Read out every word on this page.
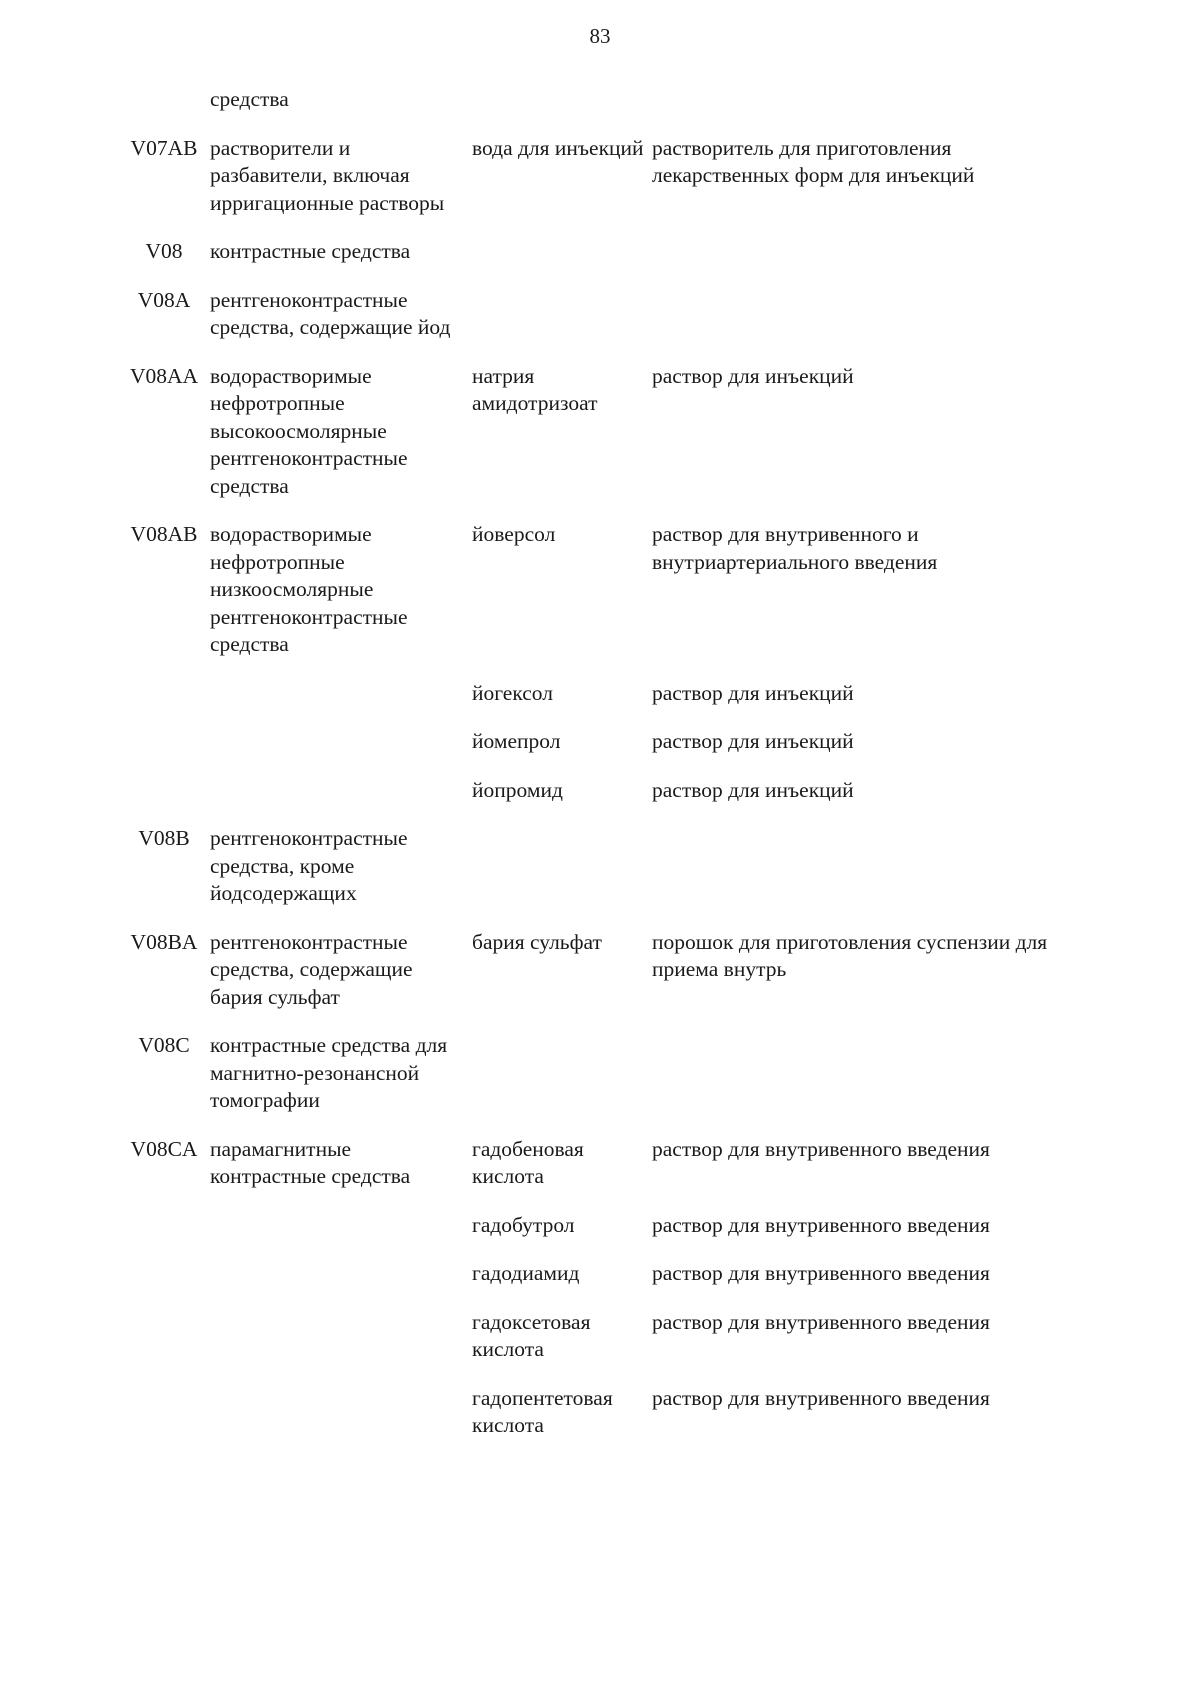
83
	средства		
V07AB	растворители и разбавители, включая ирригационные растворы	вода для инъекций	растворитель для приготовления лекарственных форм для инъекций
V08	контрастные средства		
V08A	рентгеноконтрастные средства, содержащие йод		
V08AA	водорастворимые нефротропные высокоосмолярные рентгеноконтрастные средства	натрия амидотризоат	раствор для инъекций
V08AB	водорастворимые нефротропные низкоосмолярные рентгеноконтрастные средства	йоверсол	раствор для внутривенного и внутриартериального введения
		йогексол	раствор для инъекций
		йомепрол	раствор для инъекций
		йопромид	раствор для инъекций
V08B	рентгеноконтрастные средства, кроме йодсодержащих		
V08BA	рентгеноконтрастные средства, содержащие бария сульфат	бария сульфат	порошок для приготовления суспензии для приема внутрь
V08C	контрастные средства для магнитно-резонансной томографии		
V08CA	парамагнитные контрастные средства	гадобеновая кислота	раствор для внутривенного введения
		гадобутрол	раствор для внутривенного введения
		гадодиамид	раствор для внутривенного введения
		гадоксетовая кислота	раствор для внутривенного введения
		гадопентетовая кислота	раствор для внутривенного введения
